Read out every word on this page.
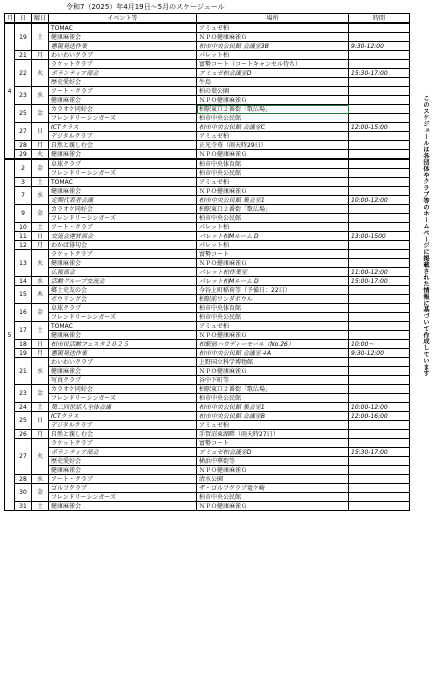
令和7（2025）年4月19日～5月のスケージュール
月	日	曜日	イベント等	場所	時間
4	19	土	TOMAC	アミュゼ柏	
			健康麻雀会	ＮＰＯ健康麻雀Ｇ	
			憲親発送作業	柏市中央公民館 会議室3B	9:30-12:00
	21	月	わいわいクラブ	パレット柏	
	22	火	ラケットクラブ	富勢コート（コートキャンセル待ち）	
			ボランティア部会	アミュゼ柏会議室D	15:30-17:00
			歴史愛好会	牛島	
	23	水	アート・クラブ	柏の葉公園	
			健康麻雀会	ＮＰＯ健康麻雀Ｇ	
	25	金	カラオケ同好会	柏駅東口２番街「歌広場」	
			フレンドリーシンガーズ	柏市中央公民館	
	27	日	ICTクラス	柏市中央公民館 会議室C	12:00-15:00
			デジタルクラブ	アミュゼ柏	
	28	月	自然と親しむ会	正光寺苺（雨天時29日）	
	29	火	健康麻雀会	ＮＰＯ健康麻雀Ｇ	
5	2	金	卓球クラブ	柏市中央体育館	
			フレンドリーシンガーズ	柏市中央公民館	
	3	土	TOMAC	アミュゼ柏	
	7	水	健康麻雀会	ＮＰＯ健康麻雀Ｇ	
			定期代表者会議	柏市中央公民館 集会室1	10:00-12:00
	9	金	カラオケ同好会	柏駅東口２番街「歌広場」	
			フレンドリーシンガーズ	柏市中央公民館	
	10	土	アート・クラブ	パレット柏	
	11	日	交流会運営部会	パレット柏Mルーム D	13:00-1500
	12	月	わかば俳句会	パレット柏	
	13	火	ラケットクラブ	富勢コート	
			健康麻雀会	ＮＰＯ健康麻雀Ｇ	
			広報部会	パレット柏作業室	11:00-12:00
	14	水	活動グループ交流会	パレット柏Mルーム D	15:00-17:00
	15	木	郷土史友の会	今谷上町稲荷等（予備日：22日）	
			ボウリング会	柏駅前ワンダボウル	
	16	金	卓球クラブ	柏市中央体育館	
			フレンドリーシンガーズ	柏市中央公民館	
	17	土	TOMAC	アミュゼ柏	
			健康麻雀会	ＮＰＯ健康麻雀Ｇ	
	18	日	柏市民活動フェスタ２０２５	柏駅前ハウディーモール（No.26）	10:00～
	19	月	憲親発送作業	柏市中央公民館 会議室４A	9:30-12:00
	21	水	わいわいクラブ	上野国立科学博物館	
			健康麻雀会	ＮＰＯ健康麻雀Ｇ	
			写真クラブ	谷中下町等	
	23	金	カラオケ同好会	柏駅東口２番街「歌広場」	
			フレンドリーシンガーズ	柏市中央公民館	
	24	土	第二回世話人全体会議	柏市中央公民館 集会室1	10:00-12:00
	25	日	ICTクラス	柏市中央公民館 会議室B	12:00-16:00
			デジタルクラブ	アミュゼ柏	
	26	月	自然と親しむ会	手賀沼東湖畔（雨天時27日）	
	27	火	ラケットクラブ	富勢コート	
			ボランティア部会	アミュゼ柏会議室D	15:30-17:00
			歴史愛好会	横浜中華街等	
			健康麻雀会	ＮＰＯ健康麻雀Ｇ	
	28	水	アート・クラブ	清水公園	
	30	金	ゴルフクラブ	ザ・ゴルフクラブ竜ケ崎	
			フレンドリーシンガーズ	柏市中央公民館	
	31	土	健康麻雀会	ＮＰＯ健康麻雀Ｇ	
このスケジュールは各団体やクラブ等のホームページに掲載された情報に基づいて作成しています
